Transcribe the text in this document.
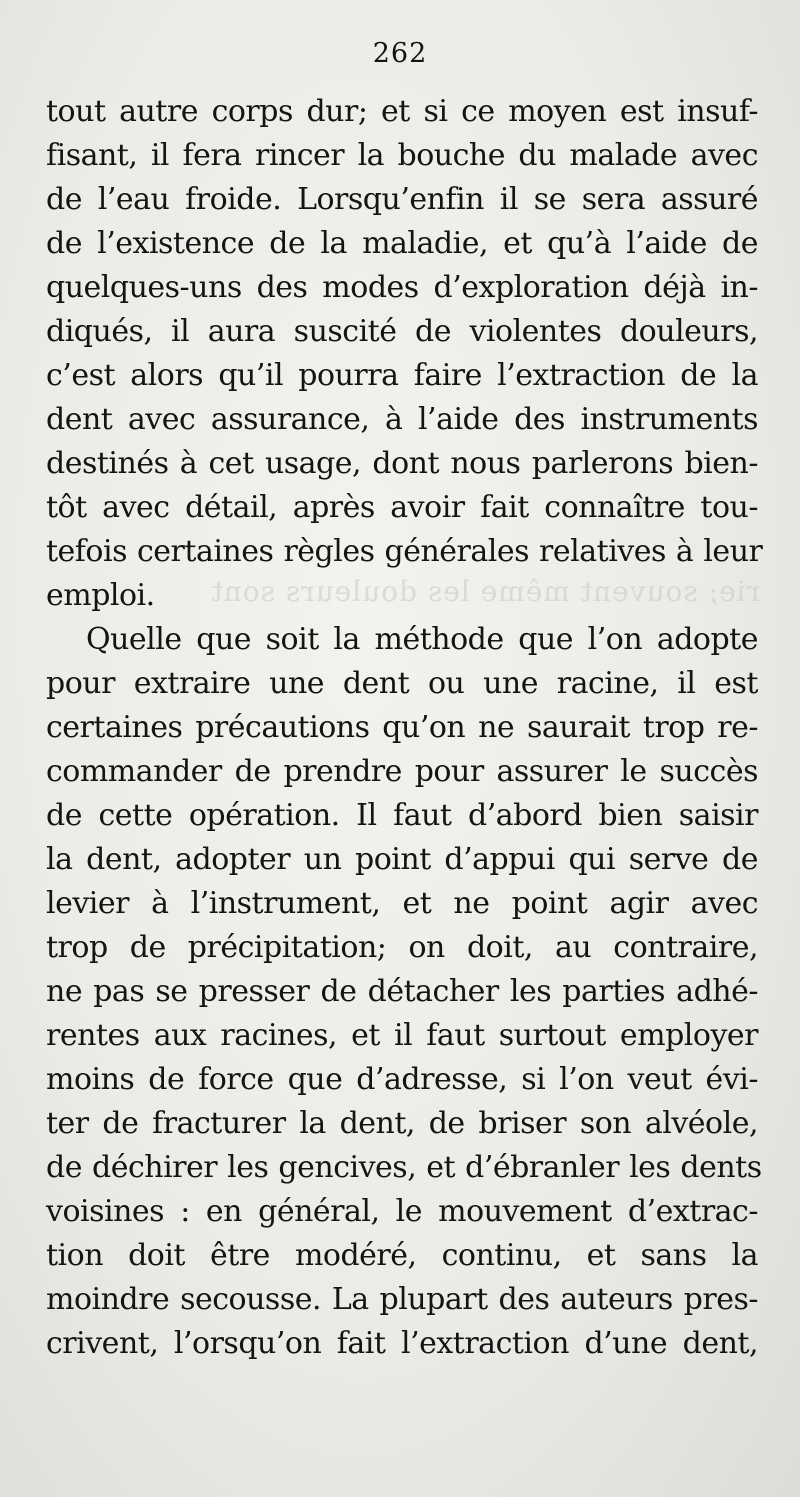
rie; souvent même les douleurs sont
262
tout autre corps dur; et si ce moyen est insuf-
fisant, il fera rincer la bouche du malade avec
de l’eau froide. Lorsqu’enfin il se sera assuré
de l’existence de la maladie, et qu’à l’aide de
quelques-uns des modes d’exploration déjà in-
diqués, il aura suscité de violentes douleurs,
c’est alors qu’il pourra faire l’extraction de la
dent avec assurance, à l’aide des instruments
destinés à cet usage, dont nous parlerons bien-
tôt avec détail, après avoir fait connaître tou-
tefois certaines règles générales relatives à leur
emploi.
Quelle que soit la méthode que l’on adopte
pour extraire une dent ou une racine, il est
certaines précautions qu’on ne saurait trop re-
commander de prendre pour assurer le succès
de cette opération. Il faut d’abord bien saisir
la dent, adopter un point d’appui qui serve de
levier à l’instrument, et ne point agir avec
trop de précipitation; on doit, au contraire,
ne pas se presser de détacher les parties adhé-
rentes aux racines, et il faut surtout employer
moins de force que d’adresse, si l’on veut évi-
ter de fracturer la dent, de briser son alvéole,
de déchirer les gencives, et d’ébranler les dents
voisines : en général, le mouvement d’extrac-
tion doit être modéré, continu, et sans la
moindre secousse. La plupart des auteurs pres-
crivent, l’orsqu’on fait l’extraction d’une dent,
